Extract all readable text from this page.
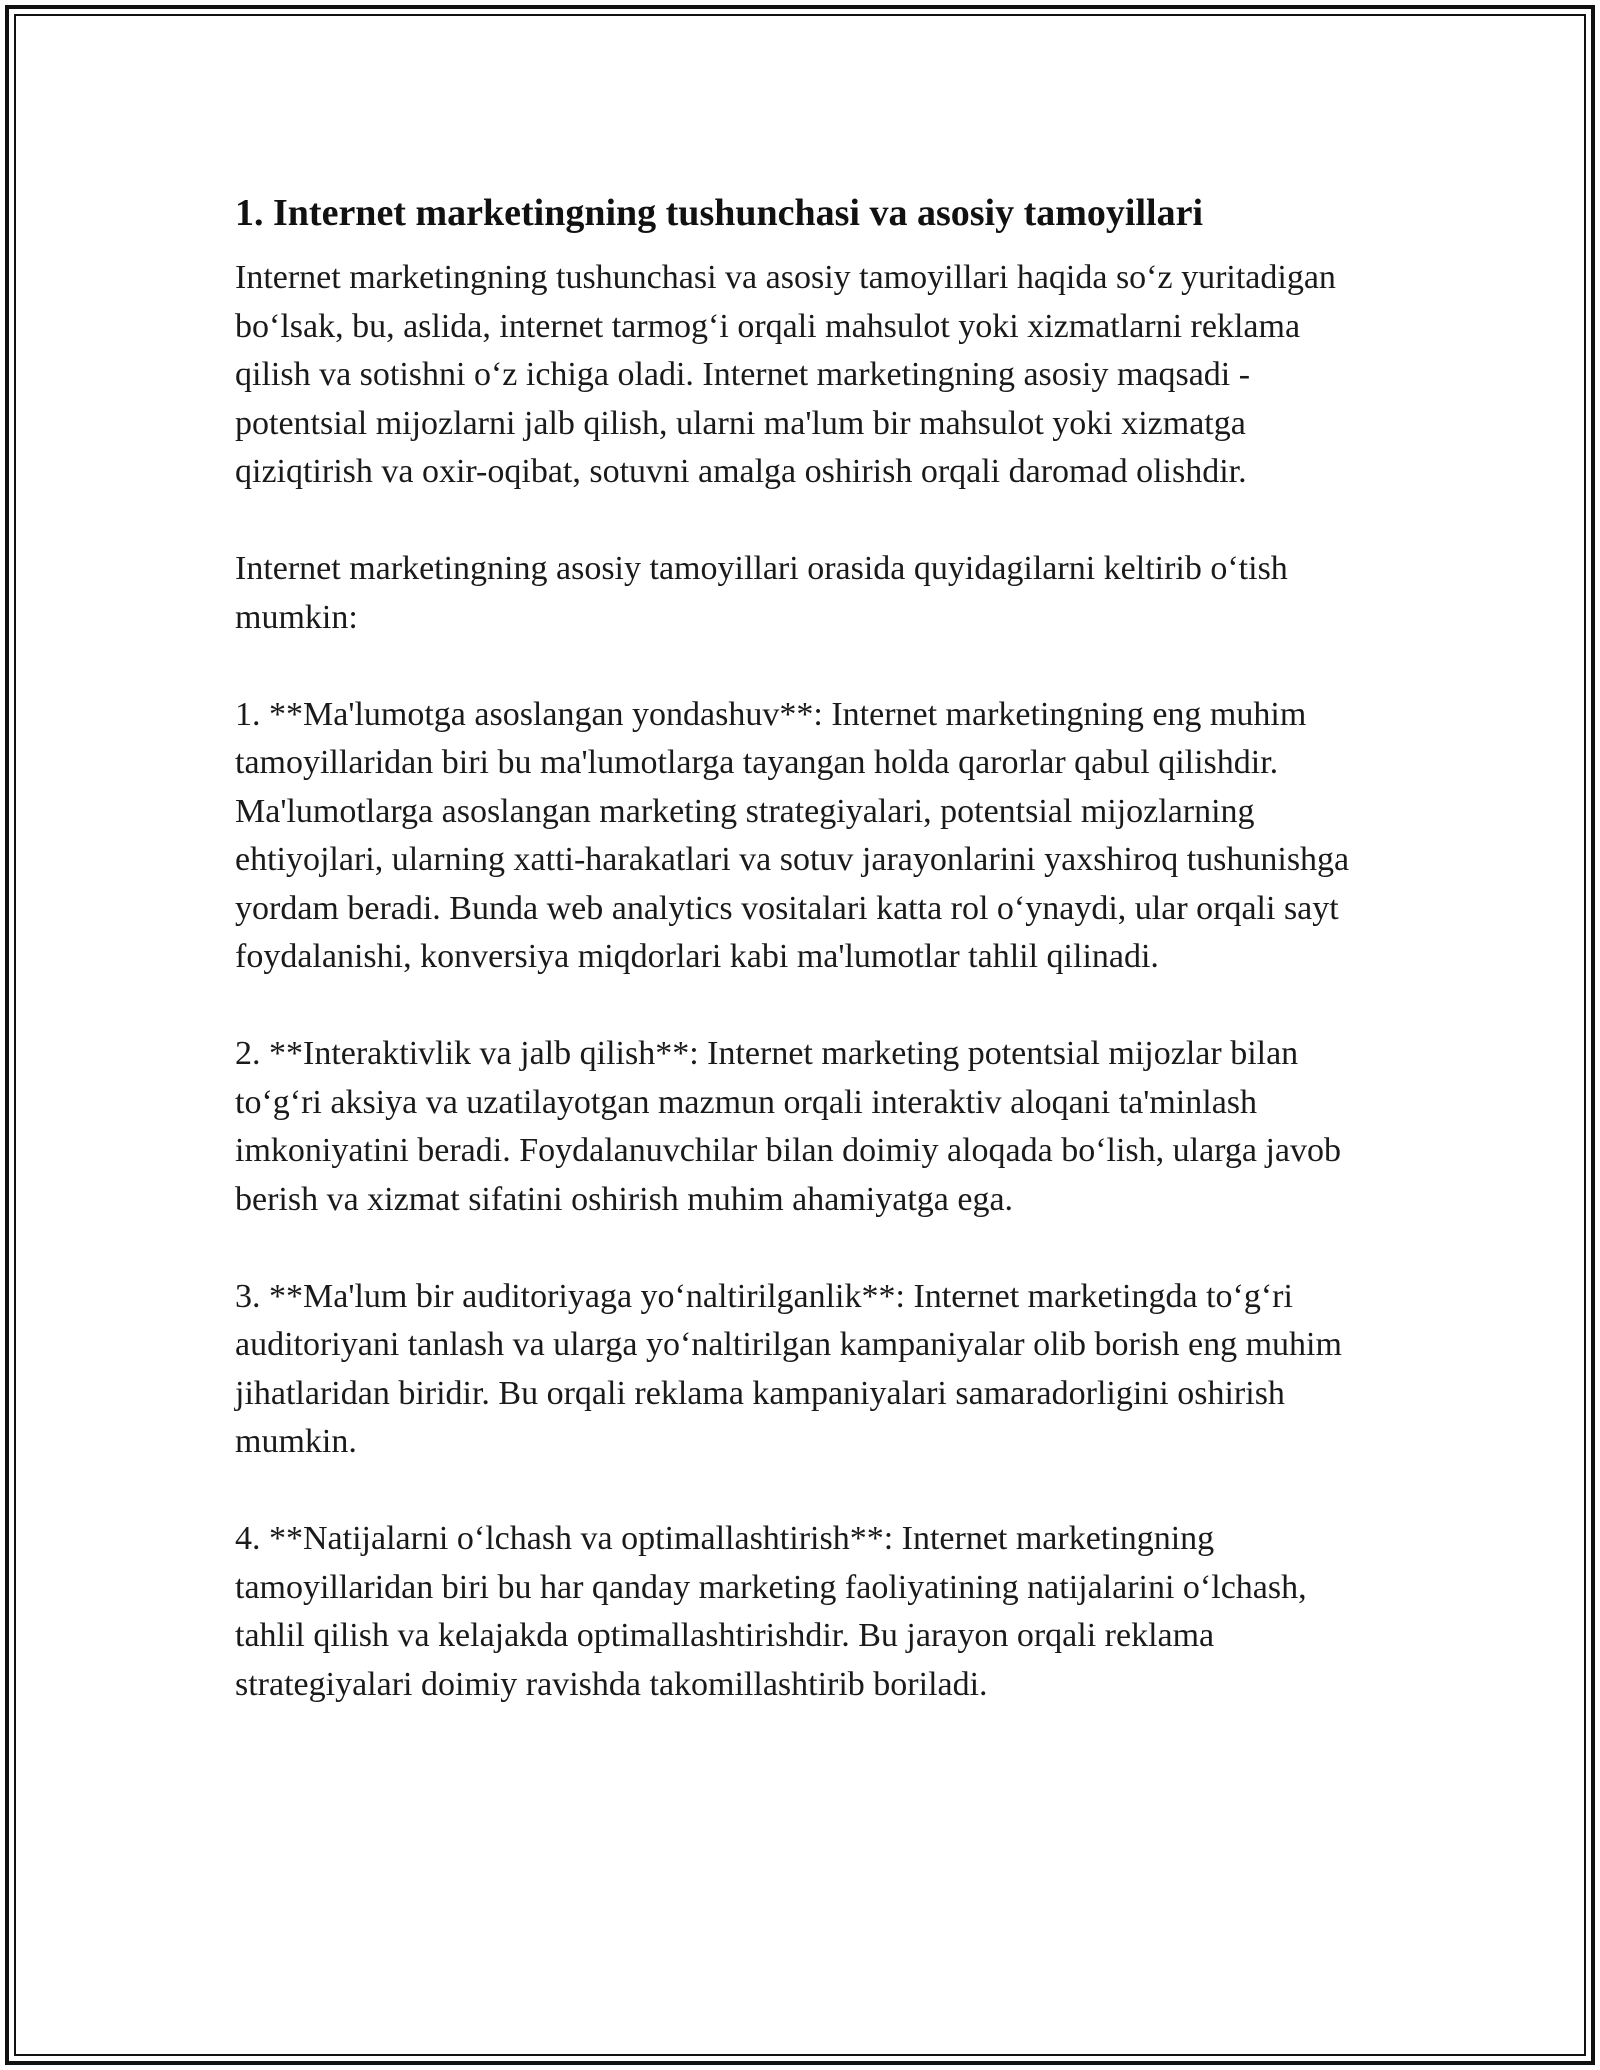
1. Internet marketingning tushunchasi va asosiy tamoyillari

Internet marketingning tushunchasi va asosiy tamoyillari haqida so‘z yuritadigan bo‘lsak, bu, aslida, internet tarmog‘i orqali mahsulot yoki xizmatlarni reklama qilish va sotishni o‘z ichiga oladi. Internet marketingning asosiy maqsadi - potentsial mijozlarni jalb qilish, ularni ma'lum bir mahsulot yoki xizmatga qiziqtirish va oxir-oqibat, sotuvni amalga oshirish orqali daromad olishdir.

Internet marketingning asosiy tamoyillari orasida quyidagilarni keltirib o‘tish mumkin:

1. **Ma'lumotga asoslangan yondashuv**: Internet marketingning eng muhim tamoyillaridan biri bu ma'lumotlarga tayangan holda qarorlar qabul qilishdir. Ma'lumotlarga asoslangan marketing strategiyalari, potentsial mijozlarning ehtiyojlari, ularning xatti-harakatlari va sotuv jarayonlarini yaxshiroq tushunishga yordam beradi. Bunda web analytics vositalari katta rol o‘ynaydi, ular orqali sayt foydalanishi, konversiya miqdorlari kabi ma'lumotlar tahlil qilinadi.

2. **Interaktivlik va jalb qilish**: Internet marketing potentsial mijozlar bilan to‘g‘ri aksiya va uzatilayotgan mazmun orqali interaktiv aloqani ta'minlash imkoniyatini beradi. Foydalanuvchilar bilan doimiy aloqada bo‘lish, ularga javob berish va xizmat sifatini oshirish muhim ahamiyatga ega.

3. **Ma'lum bir auditoriyaga yo‘naltirilganlik**: Internet marketingda to‘g‘ri auditoriyani tanlash va ularga yo‘naltirilgan kampaniyalar olib borish eng muhim jihatlaridan biridir. Bu orqali reklama kampaniyalari samaradorligini oshirish mumkin.

4. **Natijalarni o‘lchash va optimallashtirish**: Internet marketingning tamoyillaridan biri bu har qanday marketing faoliyatining natijalarini o‘lchash, tahlil qilish va kelajakda optimallashtirishdir. Bu jarayon orqali reklama strategiyalari doimiy ravishda takomillashtirib boriladi.
